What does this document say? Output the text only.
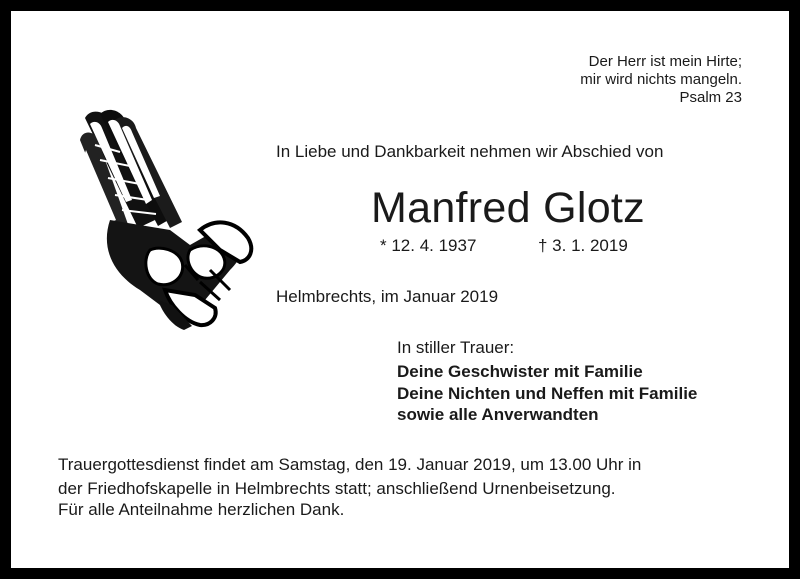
Der Herr ist mein Hirte;
mir wird nichts mangeln.
Psalm 23
In Liebe und Dankbarkeit nehmen wir Abschied von
Manfred Glotz
* 12. 4. 1937	† 3. 1. 2019
Helmbrechts, im Januar 2019
In stiller Trauer:
Deine Geschwister mit Familie
Deine Nichten und Neffen mit Familie
sowie alle Anverwandten
Trauergottesdienst findet am Samstag, den 19. Januar 2019, um 13.00 Uhr in
der Friedhofskapelle in Helmbrechts statt; anschließend Urnenbeisetzung.
Für alle Anteilnahme herzlichen Dank.
